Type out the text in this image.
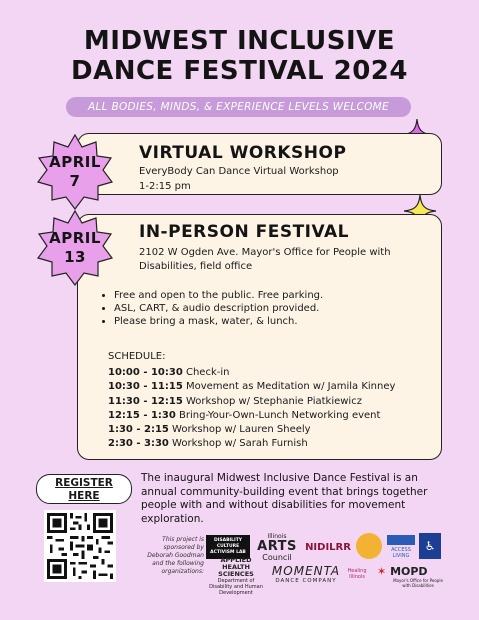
MIDWEST INCLUSIVE
DANCE FESTIVAL 2024
ALL BODIES, MINDS, & EXPERIENCE LEVELS WELCOME
APRIL
7
VIRTUAL WORKSHOP
EveryBody Can Dance Virtual Workshop
1-2:15 pm
APRIL
13
IN-PERSON FESTIVAL
2102 W Ogden Ave. Mayor's Office for People with
Disabilities, field office
• Free and open to the public. Free parking.
• ASL, CART, & audio description provided.
• Please bring a mask, water, & lunch.
SCHEDULE:
10:00 - 10:30 Check-in
10:30 - 11:15 Movement as Meditation w/ Jamila Kinney
11:30 - 12:15 Workshop w/ Stephanie Piatkiewicz
12:15 - 1:30 Bring-Your-Own-Lunch Networking event
1:30 - 2:15 Workshop w/ Lauren Sheely
2:30 - 3:30 Workshop w/ Sarah Furnish
REGISTER
HERE
The inaugural Midwest Inclusive Dance Festival is an annual community-building event that brings together people with and without disabilities for movement exploration.
This project is sponsored by Deborah Goodman and the following organizations:
DISABILITY CULTURE ACTIVISM LAB
Illinois
ARTS
Council
NIDILRR	ACCESS LIVING
♿
APPLIED HEALTH SCIENCES
Department of Disability and Human Development
MOMENTA
DANCE COMPANY
Healing Illinois	✶ MOPD
Mayor's Office for People with Disabilities
